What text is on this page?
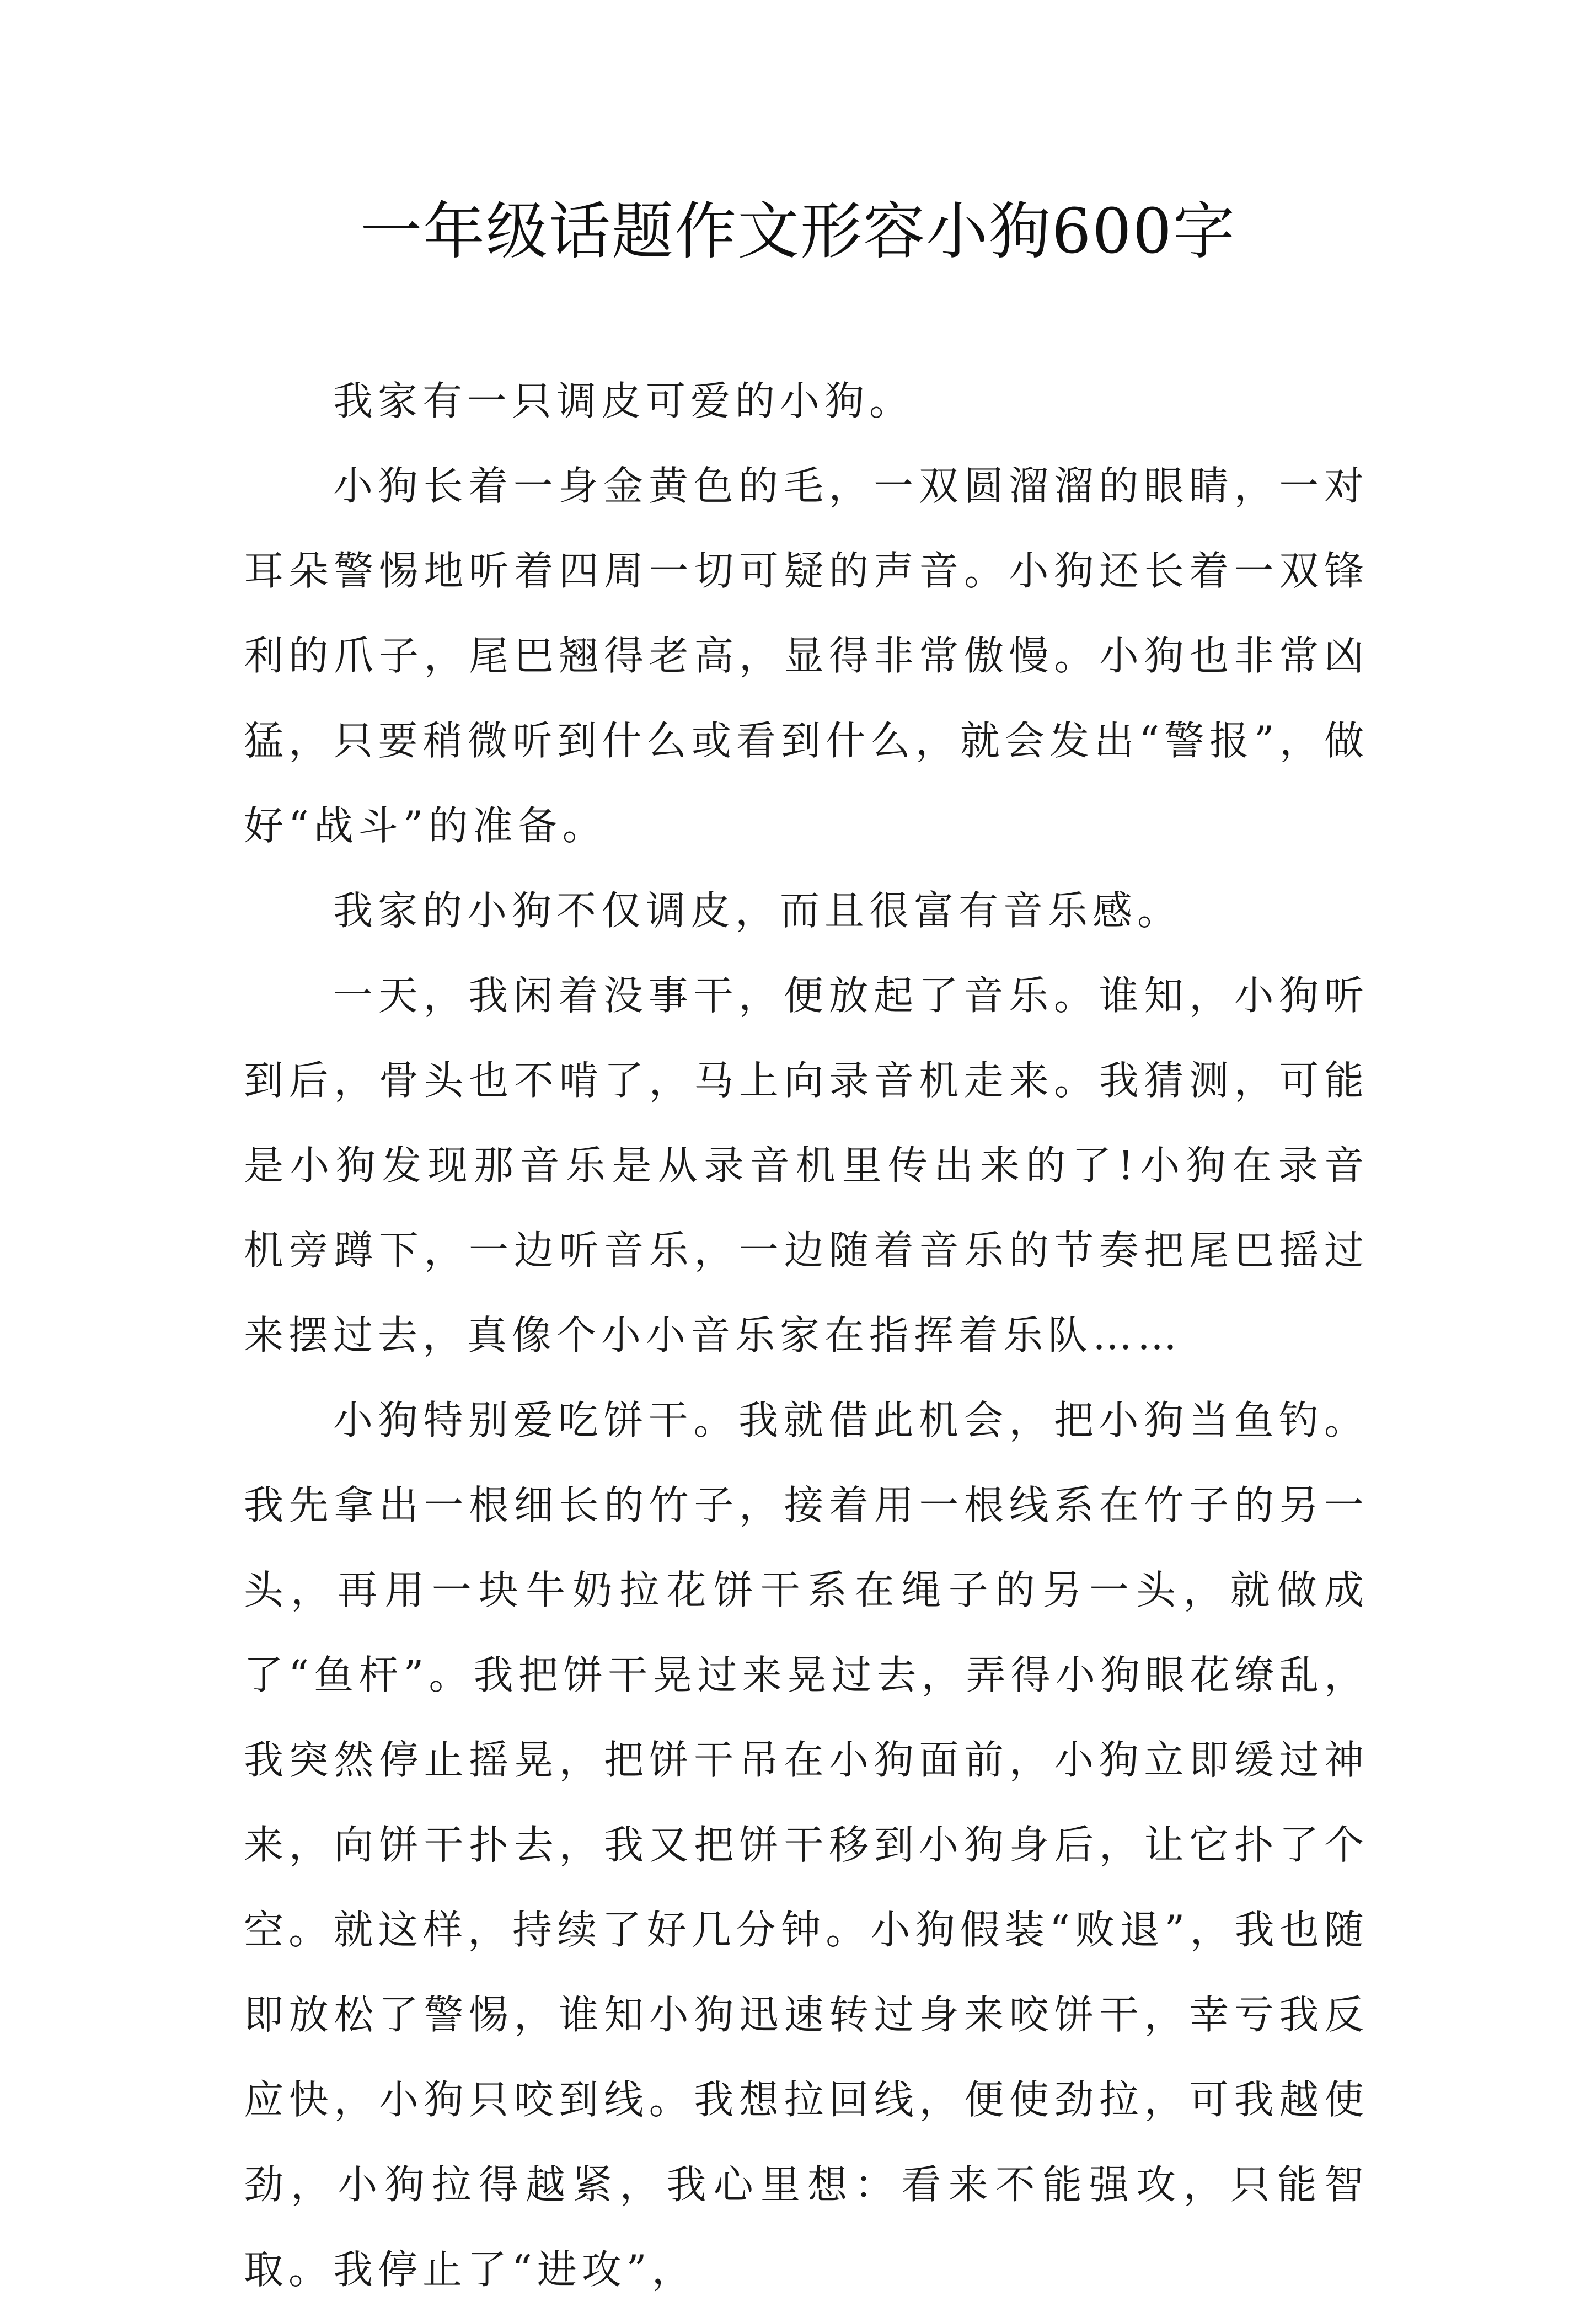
一年级话题作文形容小狗600字

我家有一只调皮可爱的小狗。

小狗长着一身金黄色的毛，一双圆溜溜的眼睛，一对耳朵警惕地听着四周一切可疑的声音。小狗还长着一双锋利的爪子，尾巴翘得老高，显得非常傲慢。小狗也非常凶猛，只要稍微听到什么或看到什么，就会发出“警报”，做好“战斗”的准备。

我家的小狗不仅调皮，而且很富有音乐感。

一天，我闲着没事干，便放起了音乐。谁知，小狗听到后，骨头也不啃了，马上向录音机走来。我猜测，可能是小狗发现那音乐是从录音机里传出来的了!小狗在录音机旁蹲下，一边听音乐，一边随着音乐的节奏把尾巴摇过来摆过去，真像个小小音乐家在指挥着乐队……

小狗特别爱吃饼干。我就借此机会，把小狗当鱼钓。我先拿出一根细长的竹子，接着用一根线系在竹子的另一头，再用一块牛奶拉花饼干系在绳子的另一头，就做成了“鱼杆”。我把饼干晃过来晃过去，弄得小狗眼花缭乱，我突然停止摇晃，把饼干吊在小狗面前，小狗立即缓过神来，向饼干扑去，我又把饼干移到小狗身后，让它扑了个空。就这样，持续了好几分钟。小狗假装“败退”，我也随即放松了警惕，谁知小狗迅速转过身来咬饼干，幸亏我反应快，小狗只咬到线。我想拉回线，便使劲拉，可我越使劲，小狗拉得越紧，我心里想：看来不能强攻，只能智取。我停止了“进攻”，
